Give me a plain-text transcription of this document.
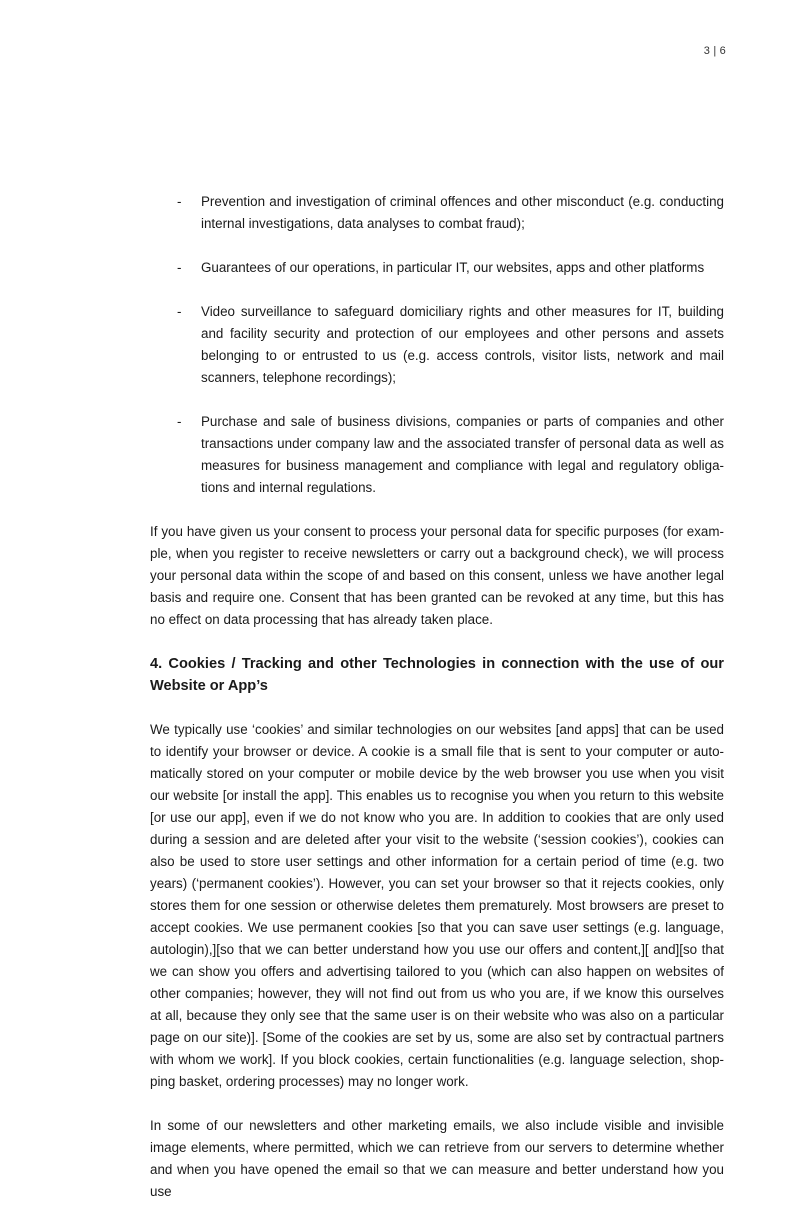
3 | 6
- Prevention and investigation of criminal offences and other misconduct (e.g. conducting internal investigations, data analyses to combat fraud);
- Guarantees of our operations, in particular IT, our websites, apps and other platforms
- Video surveillance to safeguard domiciliary rights and other measures for IT, building and facility security and protection of our employees and other persons and assets belonging to or entrusted to us (e.g. access controls, visitor lists, network and mail scanners, telephone recordings);
- Purchase and sale of business divisions, companies or parts of companies and other transactions under company law and the associated transfer of personal data as well as measures for business management and compliance with legal and regulatory obligations and internal regulations.

If you have given us your consent to process your personal data for specific purposes (for example, when you register to receive newsletters or carry out a background check), we will process your personal data within the scope of and based on this consent, unless we have another legal basis and require one. Consent that has been granted can be revoked at any time, but this has no effect on data processing that has already taken place.

4. Cookies / Tracking and other Technologies in connection with the use of our Website or App’s

We typically use ‘cookies’ and similar technologies on our websites [and apps] that can be used to identify your browser or device. A cookie is a small file that is sent to your computer or automatically stored on your computer or mobile device by the web browser you use when you visit our website [or install the app]. This enables us to recognise you when you return to this website [or use our app], even if we do not know who you are. In addition to cookies that are only used during a session and are deleted after your visit to the website (‘session cookies’), cookies can also be used to store user settings and other information for a certain period of time (e.g. two years) (‘permanent cookies’). However, you can set your browser so that it rejects cookies, only stores them for one session or otherwise deletes them prematurely. Most browsers are preset to accept cookies. We use permanent cookies [so that you can save user settings (e.g. language, autologin),][so that we can better understand how you use our offers and content,][ and][so that we can show you offers and advertising tailored to you (which can also happen on websites of other companies; however, they will not find out from us who you are, if we know this ourselves at all, because they only see that the same user is on their website who was also on a particular page on our site)]. [Some of the cookies are set by us, some are also set by contractual partners with whom we work]. If you block cookies, certain functionalities (e.g. language selection, shopping basket, ordering processes) may no longer work.

In some of our newsletters and other marketing emails, we also include visible and invisible image elements, where permitted, which we can retrieve from our servers to determine whether and when you have opened the email so that we can measure and better understand how you use
